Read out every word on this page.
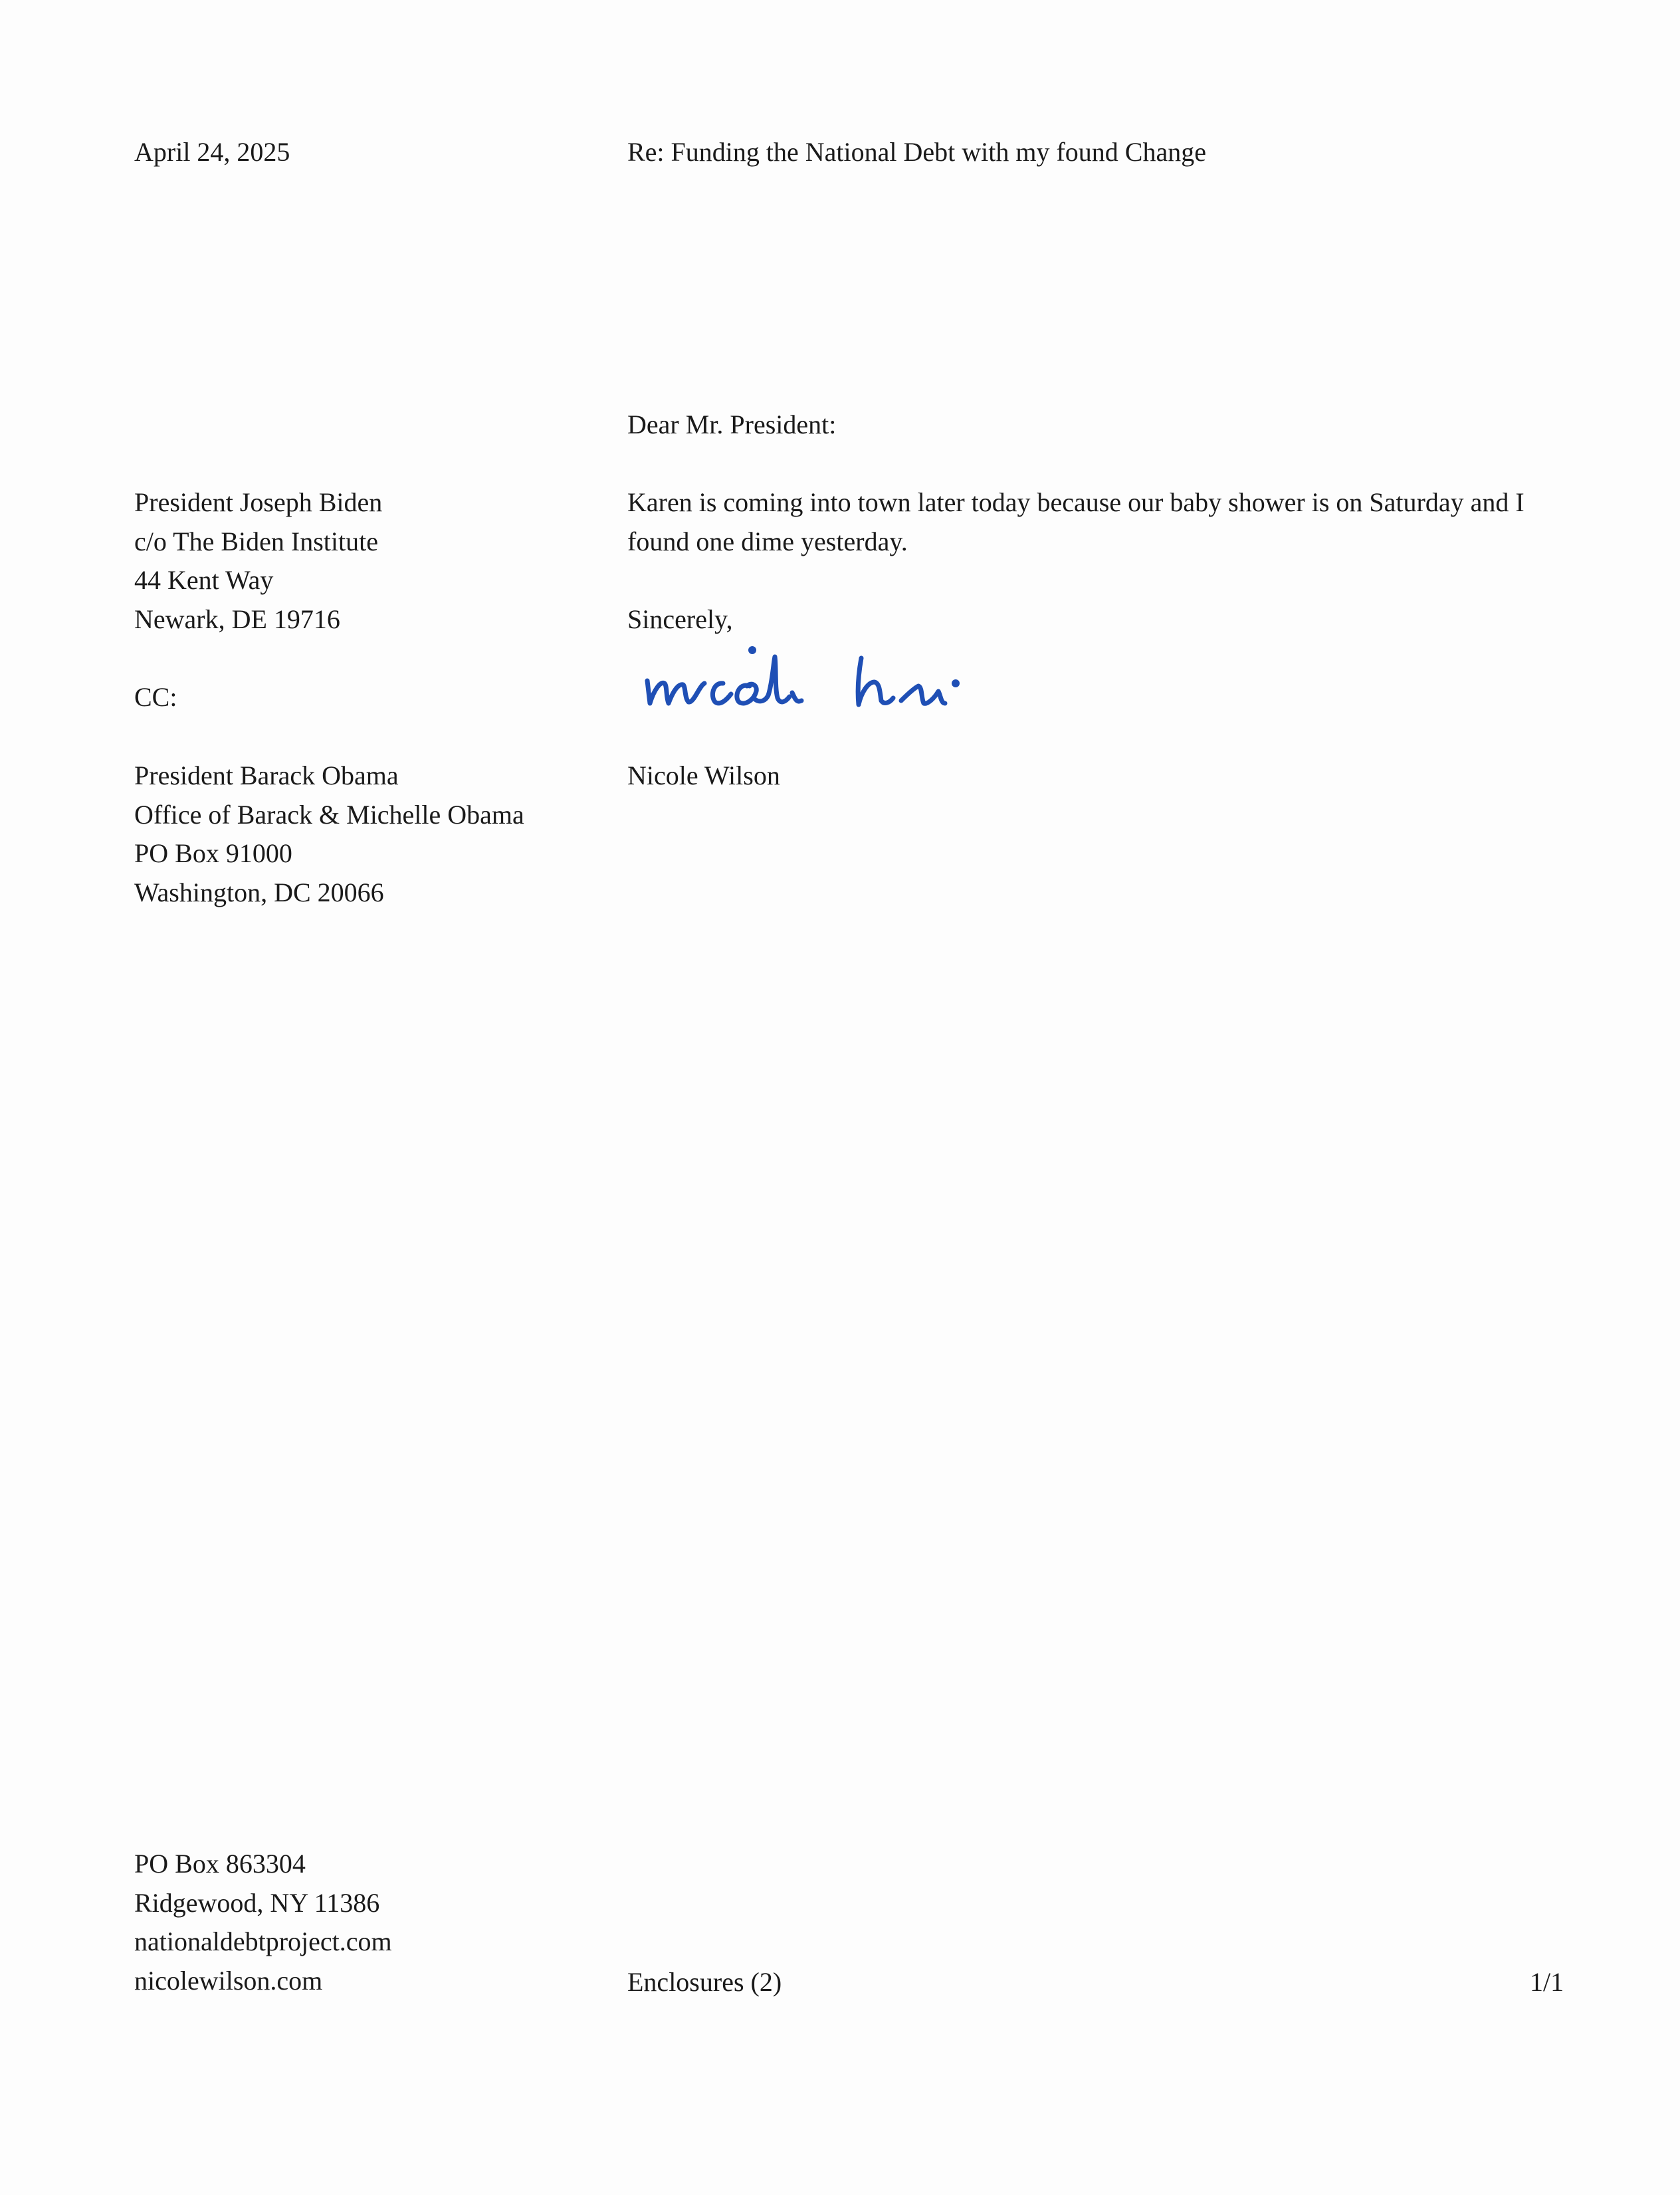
April 24, 2025	Re: Funding the National Debt with my found Change
Dear Mr. President:
President Joseph Biden
c/o The Biden Institute
44 Kent Way
Newark, DE 19716
Karen is coming into town later today because our baby shower is on Saturday and I found one dime yesterday.
Sincerely,
Nicole Wilson
CC:
President Barack Obama
Office of Barack & Michelle Obama
PO Box 91000
Washington, DC 20066
PO Box 863304
Ridgewood, NY 11386
nationaldebtproject.com
nicolewilson.com	Enclosures (2)	1/1
